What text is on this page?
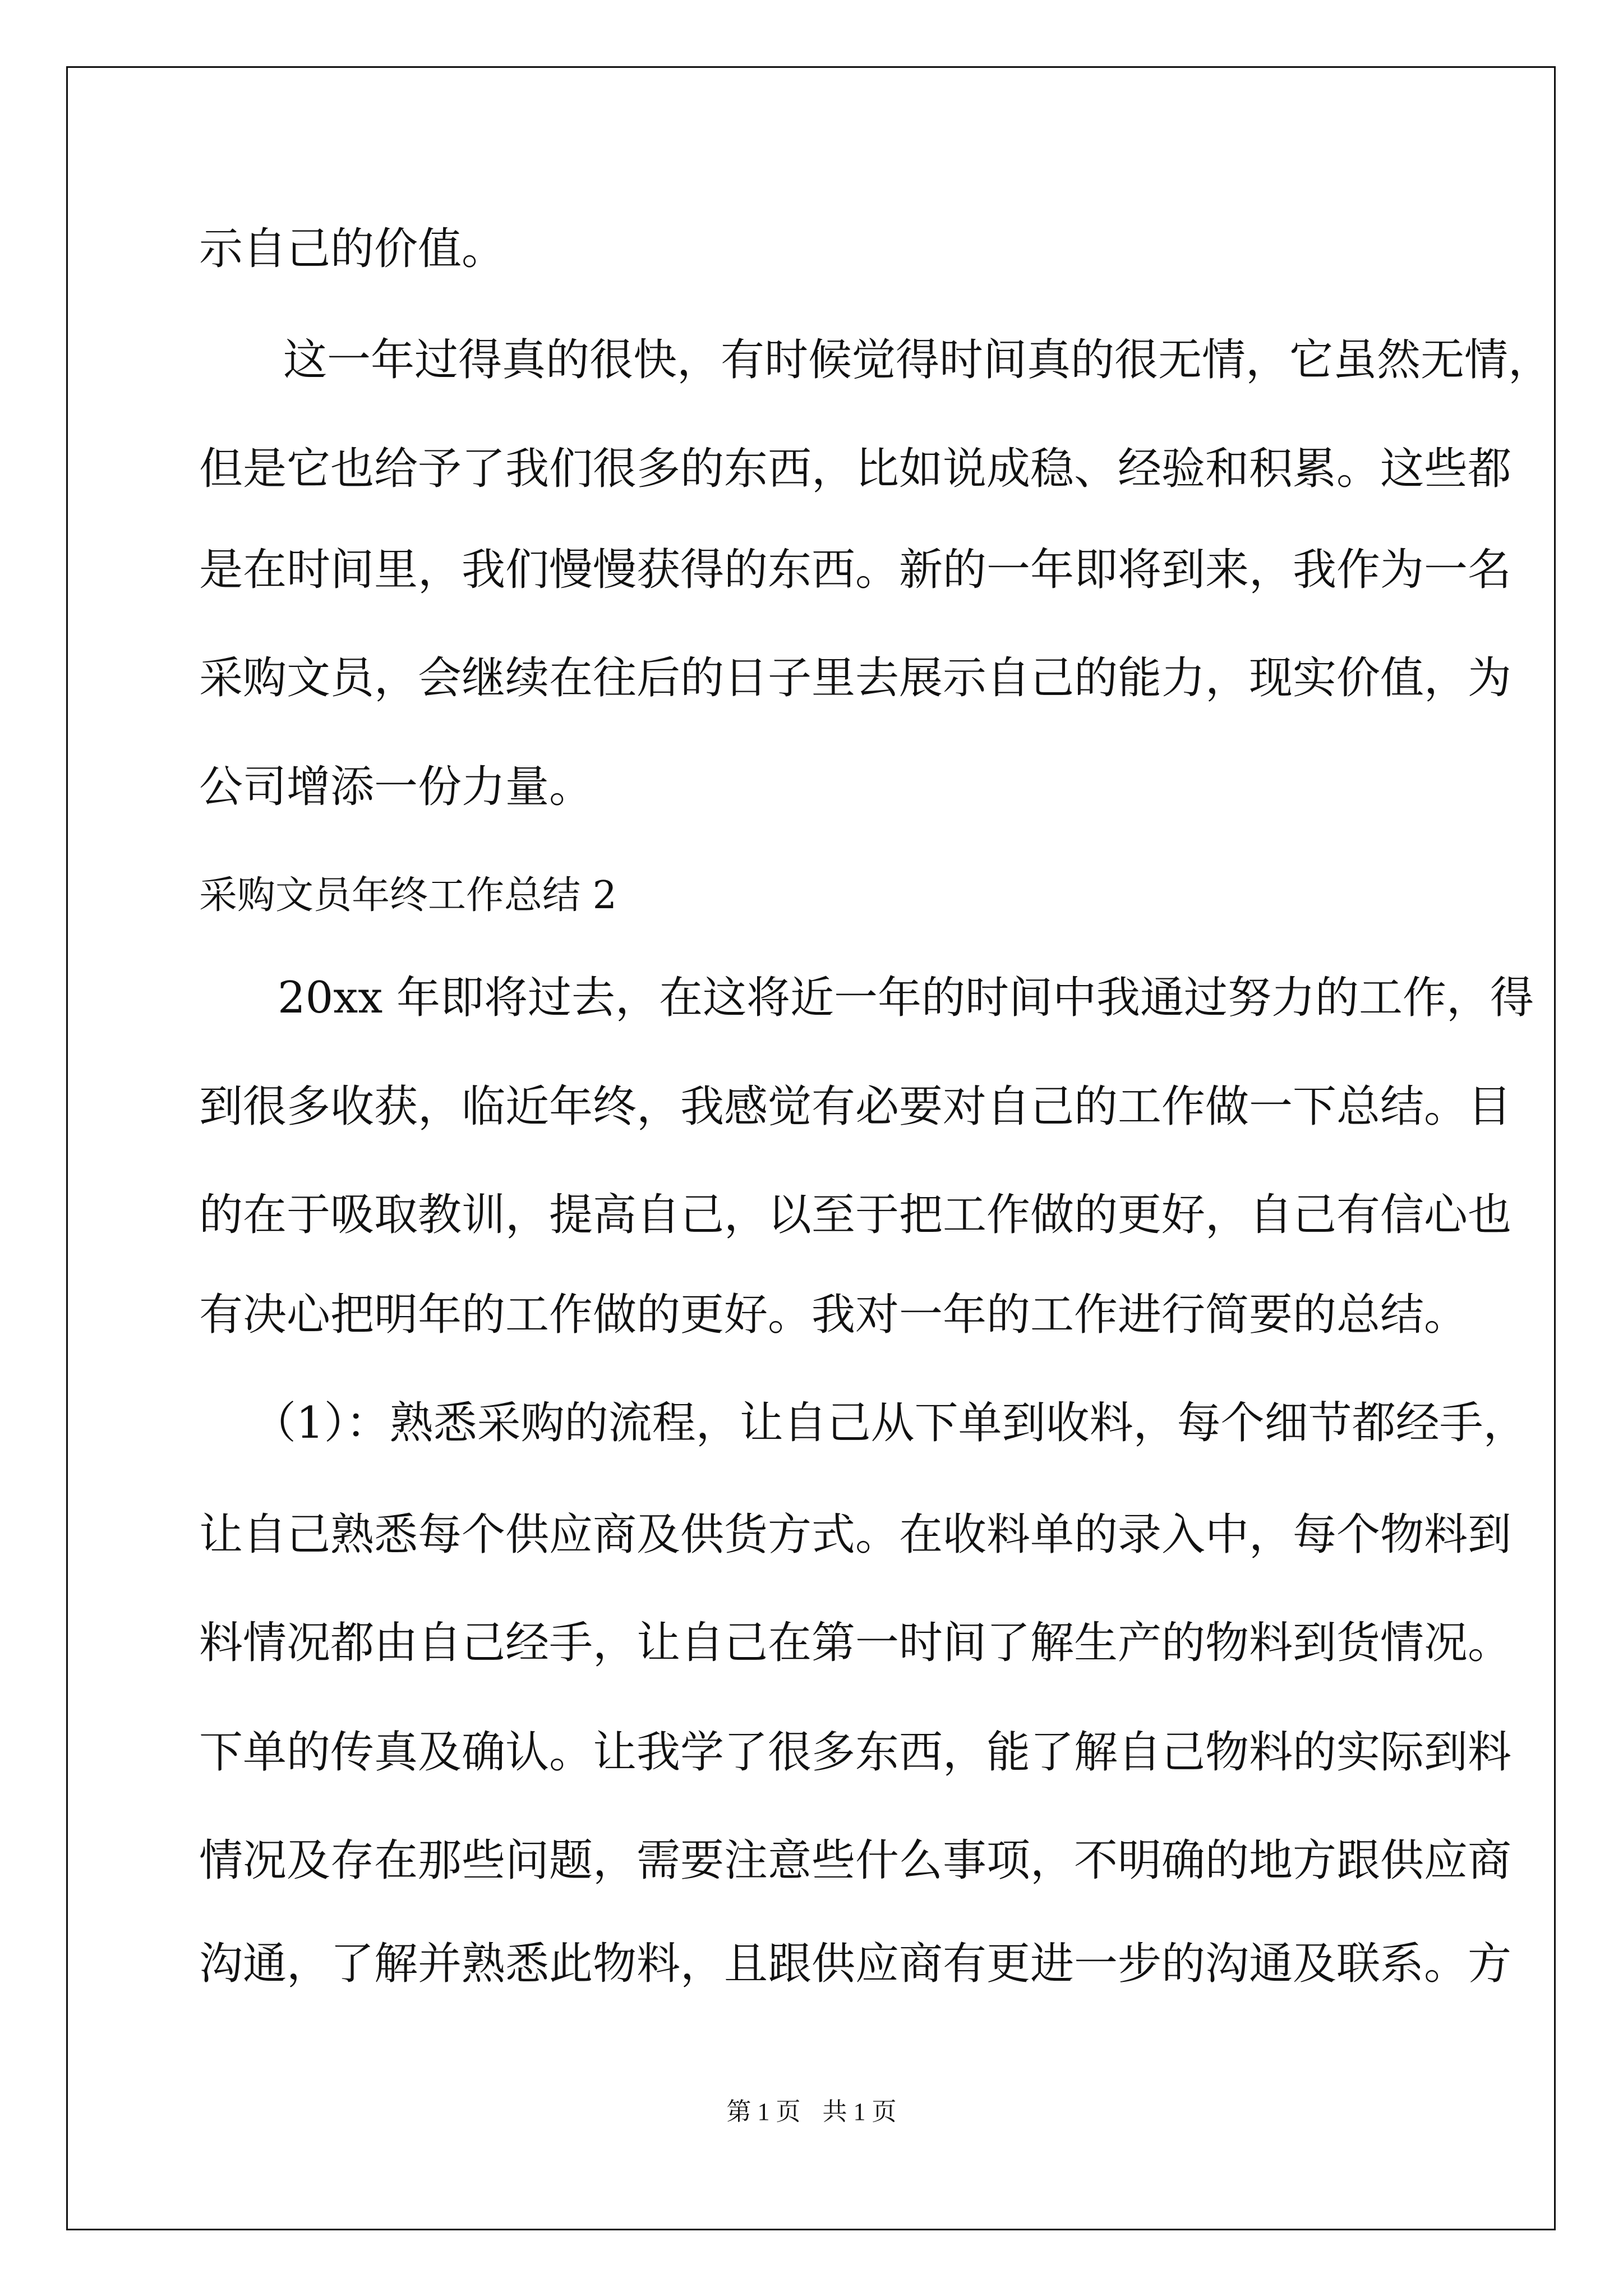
示自己的价值。
这一年过得真的很快，有时候觉得时间真的很无情，它虽然无情，
但是它也给予了我们很多的东西，比如说成稳、经验和积累。这些都
是在时间里，我们慢慢获得的东西。新的一年即将到来，我作为一名
采购文员，会继续在往后的日子里去展示自己的能力，现实价值，为
公司增添一份力量。
采购文员年终工作总结 2
20xx 年即将过去，在这将近一年的时间中我通过努力的工作，得
到很多收获，临近年终，我感觉有必要对自己的工作做一下总结。目
的在于吸取教训，提高自己，以至于把工作做的更好，自己有信心也
有决心把明年的工作做的更好。我对一年的工作进行简要的总结。
（1）：熟悉采购的流程，让自己从下单到收料，每个细节都经手，
让自己熟悉每个供应商及供货方式。在收料单的录入中，每个物料到
料情况都由自己经手，让自己在第一时间了解生产的物料到货情况。
下单的传真及确认。让我学了很多东西，能了解自己物料的实际到料
情况及存在那些问题，需要注意些什么事项，不明确的地方跟供应商
沟通，了解并熟悉此物料，且跟供应商有更进一步的沟通及联系。方
第 1 页 共 1 页
